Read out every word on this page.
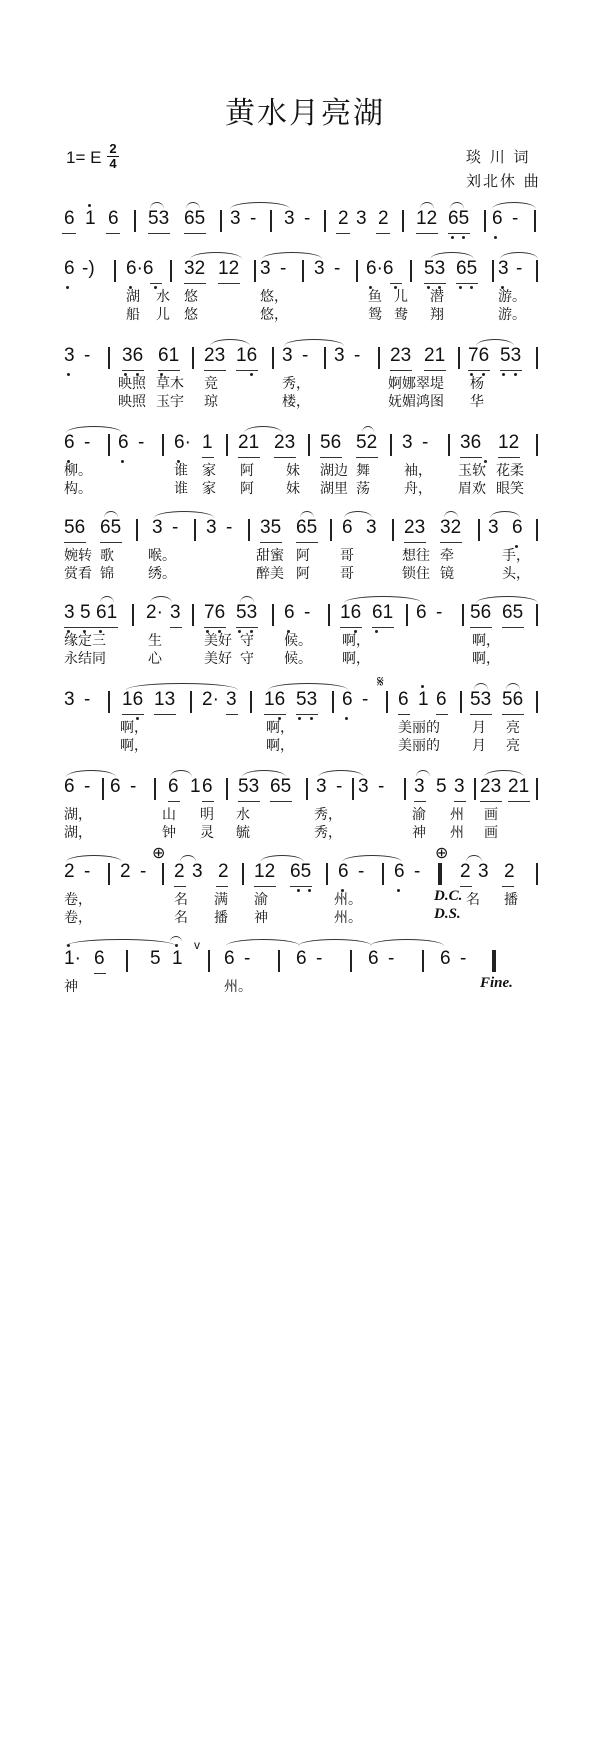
黄水月亮湖
1= E 2
4	琰 川 词
刘北休 曲

6

1

6

53

65

3

-

3

-

2

3

2

12

65

6

-

6

-)

6·6

32

12

3

-

3

-

6·6

53

65

3

-

湖 水 悠	悠，	鱼 儿 潜	游。
船 儿 悠	悠，	鸳 鸯 翔	游。

3

-

36

61

23

16

3

-

3

-

23

21

76

53

映照 草木 竞	秀，	婀娜翠堤 杨
映照 玉宇 琼	楼，	妩媚鸿图 华

6

-

6

-

6·

1

21

23

56

52

3

-

36

12

柳。	谁 家 阿 妹 湖边 舞 袖， 玉软 花柔
构。	谁 家 阿 妹 湖里 荡 舟， 眉欢 眼笑

56

65

3

-

3

-

35

65

6

3

23

32

3

6

婉转 歌 喉。	甜蜜 阿 哥	想往 牵	手，
赏看 锦 绣。	醉美 阿 哥	锁住 镜	头，

3

5

61

2·

3

76

53

6

-

16

61

6

-

56

65

缘定三	生	美好 守 候。 啊，	啊，
永结同	心	美好 守 候。 啊，	啊，
𝄋

3

-

16

13

2·

3

16

53

6

-

6

1

6

53

56

啊，	啊，	美丽的 月 亮
啊，	啊，	美丽的 月 亮

6

-

6

-

6

1

6

53

65

3

-

3

-

3

5

3

23

21

湖，	山 明 水	秀，	渝 州 画
湖，	钟 灵 毓	秀，	神 州 画
⊕	⊕

2

-

2

-

2

3

2

12

65

6

-

6

-

2

3

2

卷，	名 满 渝	州。	D.C. 名 播
卷，	名 播 神	州。	D.S.

1·

6

5

1

v

6

-

6

-

6

-

6

-

神	州。	Fine.
